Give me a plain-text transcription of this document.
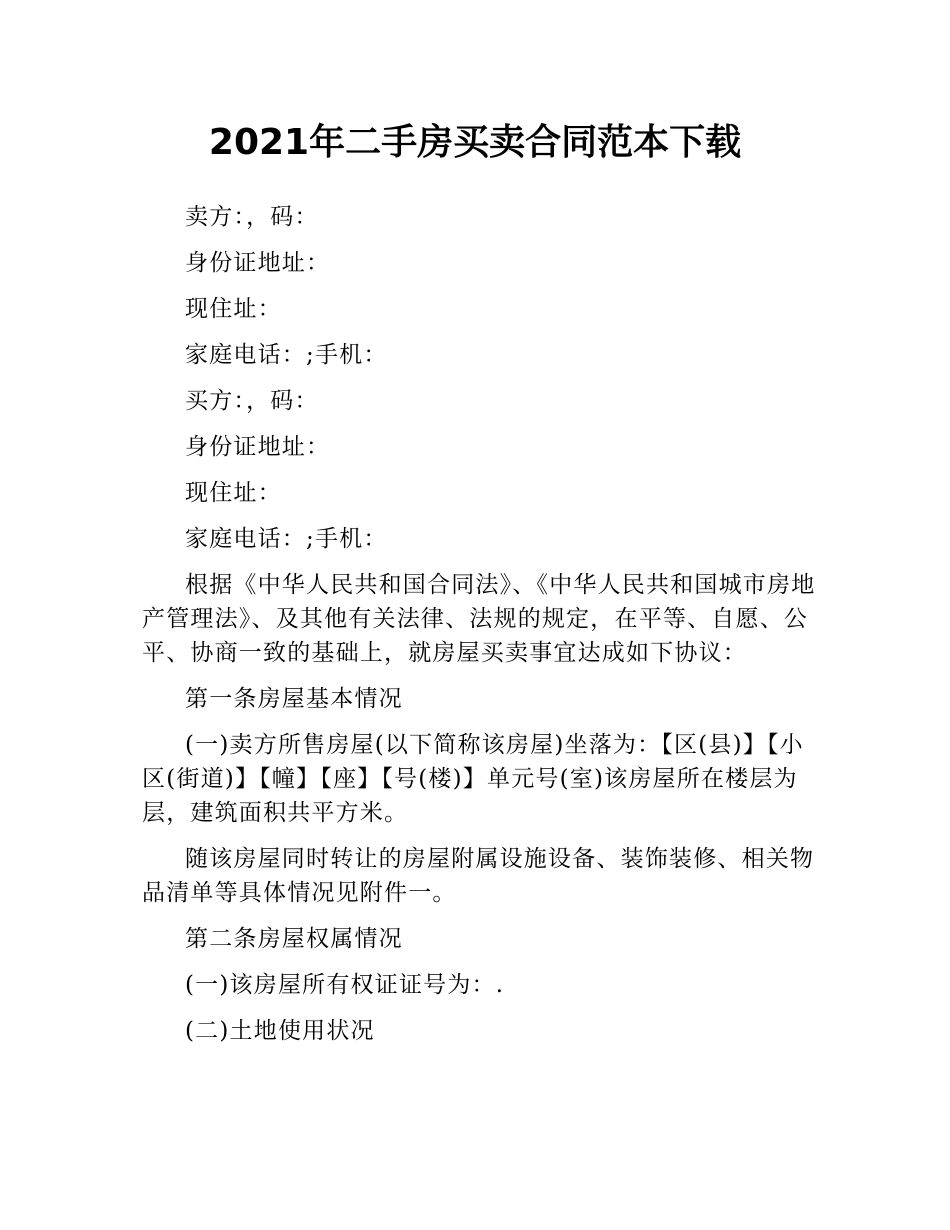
2021年二手房买卖合同范本下载

卖方：，码：

身份证地址：

现住址：

家庭电话：;手机：

买方：，码：

身份证地址：

现住址：

家庭电话：;手机：

根据《中华人民共和国合同法》、《中华人民共和国城市房地产管理法》、及其他有关法律、法规的规定，在平等、自愿、公平、协商一致的基础上，就房屋买卖事宜达成如下协议：

第一条房屋基本情况

(一)卖方所售房屋(以下简称该房屋)坐落为：【区(县)】【小区(街道)】【幢】【座】【号(楼)】单元号(室)该房屋所在楼层为层，建筑面积共平方米。

随该房屋同时转让的房屋附属设施设备、装饰装修、相关物品清单等具体情况见附件一。

第二条房屋权属情况

(一)该房屋所有权证证号为：.

(二)土地使用状况
